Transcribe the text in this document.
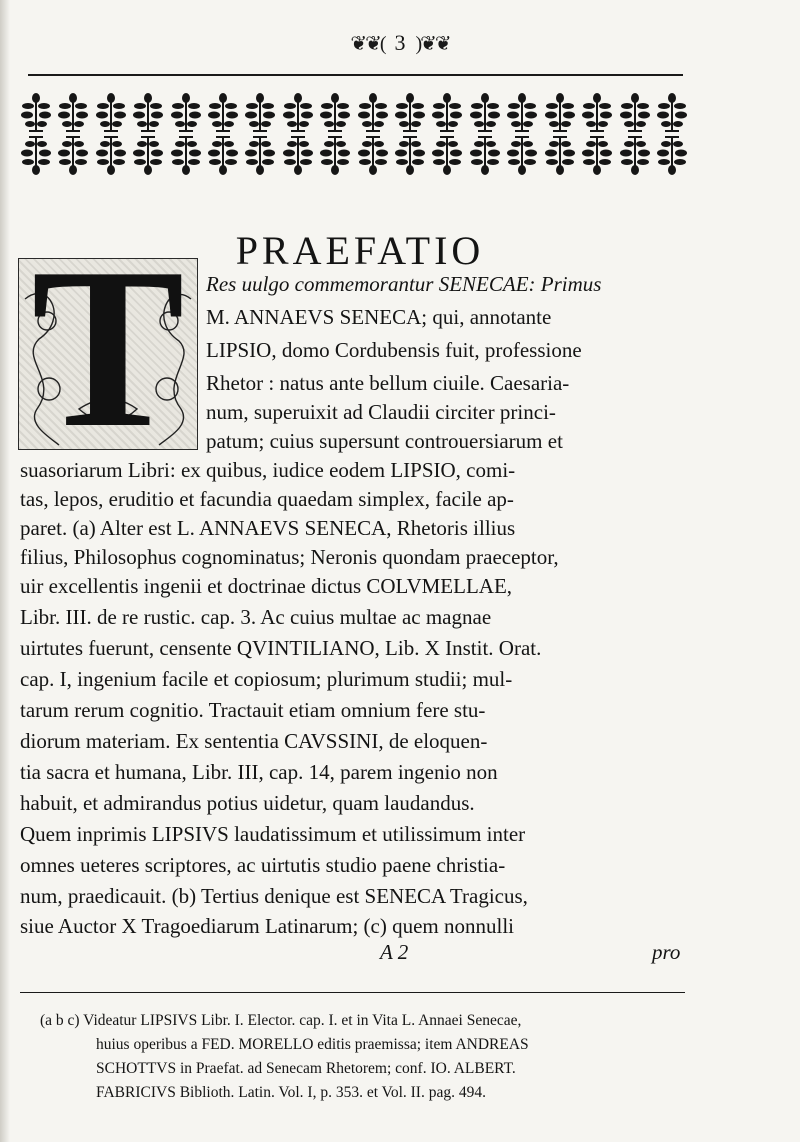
❦❦( 3 )❦❦
PRAEFATIO
T	Res uulgo commemorantur SENECAE: Primus
M. ANNAEVS SENECA; qui, annotante
LIPSIO, domo Cordubensis fuit, professione
Rhetor : natus ante bellum ciuile. Caesaria-
num, superuixit ad Claudii circiter princi-
patum; cuius supersunt controuersiarum et
suasoriarum Libri: ex quibus, iudice eodem LIPSIO, comi-
tas, lepos, eruditio et facundia quaedam simplex, facile ap-
paret. (a) Alter est L. ANNAEVS SENECA, Rhetoris illius
filius, Philosophus cognominatus; Neronis quondam praeceptor,
uir excellentis ingenii et doctrinae dictus COLVMELLAE,
Libr. III. de re rustic. cap. 3. Ac cuius multae ac magnae
uirtutes fuerunt, censente QVINTILIANO, Lib. X Instit. Orat.
cap. I, ingenium facile et copiosum; plurimum studii; mul-
tarum rerum cognitio. Tractauit etiam omnium fere stu-
diorum materiam. Ex sententia CAVSSINI, de eloquen-
tia sacra et humana, Libr. III, cap. 14, parem ingenio non
habuit, et admirandus potius uidetur, quam laudandus.
Quem inprimis LIPSIVS laudatissimum et utilissimum inter
omnes ueteres scriptores, ac uirtutis studio paene christia-
num, praedicauit. (b) Tertius denique est SENECA Tragicus,
siue Auctor X Tragoediarum Latinarum; (c) quem nonnulli
A 2	pro
(a b c) Videatur LIPSIVS Libr. I. Elector. cap. I. et in Vita L. Annaei Senecae,
huius operibus a FED. MORELLO editis praemissa; item ANDREAS
SCHOTTVS in Praefat. ad Senecam Rhetorem; conf. IO. ALBERT.
FABRICIVS Biblioth. Latin. Vol. I, p. 353. et Vol. II. pag. 494.
